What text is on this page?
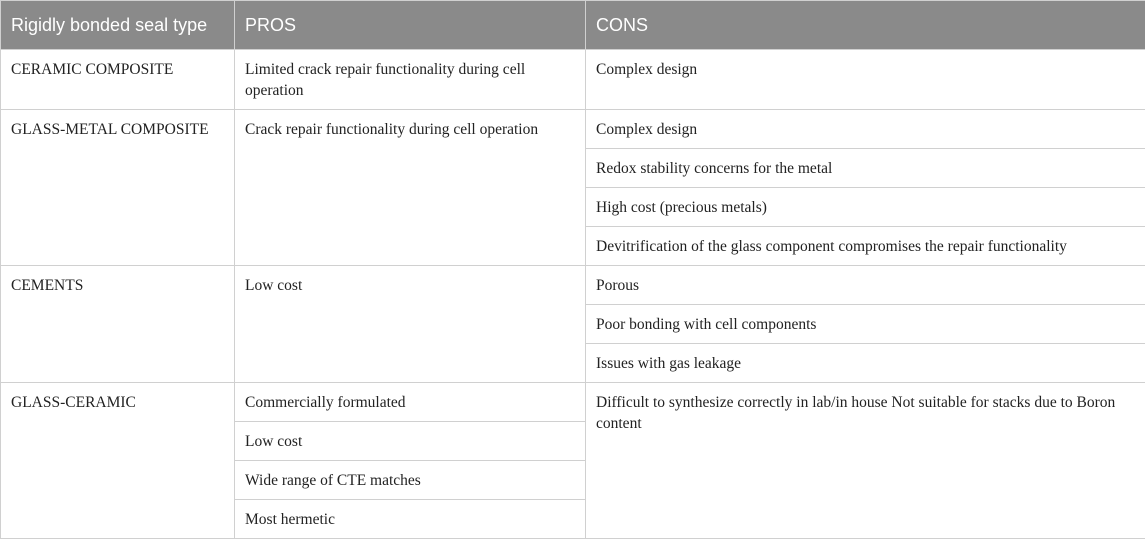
Rigidly bonded seal type	PROS	CONS
CERAMIC COMPOSITE	Limited crack repair functionality during cell operation	Complex design
GLASS-METAL COMPOSITE	Crack repair functionality during cell operation	Complex design
		Redox stability concerns for the metal
		High cost (precious metals)
		Devitrification of the glass component compromises the repair functionality
CEMENTS	Low cost	Porous
		Poor bonding with cell components
		Issues with gas leakage
GLASS-CERAMIC	Commercially formulated	Difficult to synthesize correctly in lab/in house Not suitable for stacks due to Boron content
	Low cost	
	Wide range of CTE matches	
	Most hermetic	
